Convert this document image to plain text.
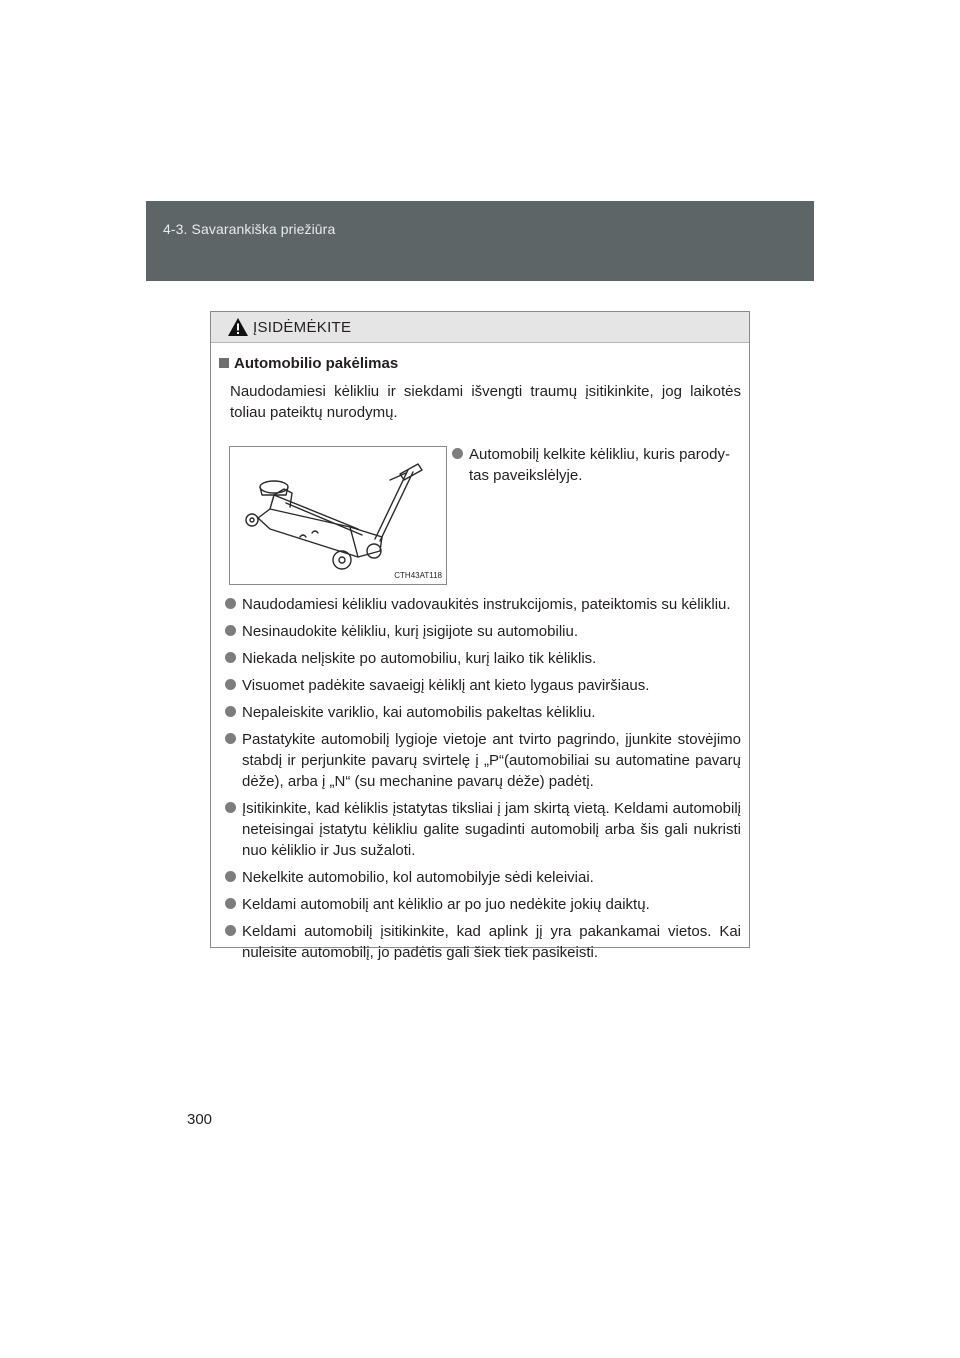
4-3. Savarankiška priežiūra
ĮSIDĖMĖKITE
Automobilio pakėlimas
Naudodamiesi kėlikliu ir siekdami išvengti traumų įsitikinkite, jog laikotės toliau pateiktų nurodymų.
CTH43AT118
Automobilį kelkite kėlikliu, kuris parody-tas paveikslėlyje.
Naudodamiesi kėlikliu vadovaukitės instrukcijomis, pateiktomis su kėlikliu.
Nesinaudokite kėlikliu, kurį įsigijote su automobiliu.
Niekada nelįskite po automobiliu, kurį laiko tik kėliklis.
Visuomet padėkite savaeigį kėliklį ant kieto lygaus paviršiaus.
Nepaleiskite variklio, kai automobilis pakeltas kėlikliu.
Pastatykite automobilį lygioje vietoje ant tvirto pagrindo, įjunkite stovėjimo stabdį ir perjunkite pavarų svirtelę į „P“(automobiliai su automatine pavarų dėže), arba į „N“ (su mechanine pavarų dėže) padėtį.
Įsitikinkite, kad kėliklis įstatytas tiksliai į jam skirtą vietą. Keldami automobilį neteisingai įstatytu kėlikliu galite sugadinti automobilį arba šis gali nukristi nuo kėliklio ir Jus sužaloti.
Nekelkite automobilio, kol automobilyje sėdi keleiviai.
Keldami automobilį ant kėliklio ar po juo nedėkite jokių daiktų.
Keldami automobilį įsitikinkite, kad aplink jį yra pakankamai vietos. Kai nuleisite automobilį, jo padėtis gali šiek tiek pasikeisti.
300
